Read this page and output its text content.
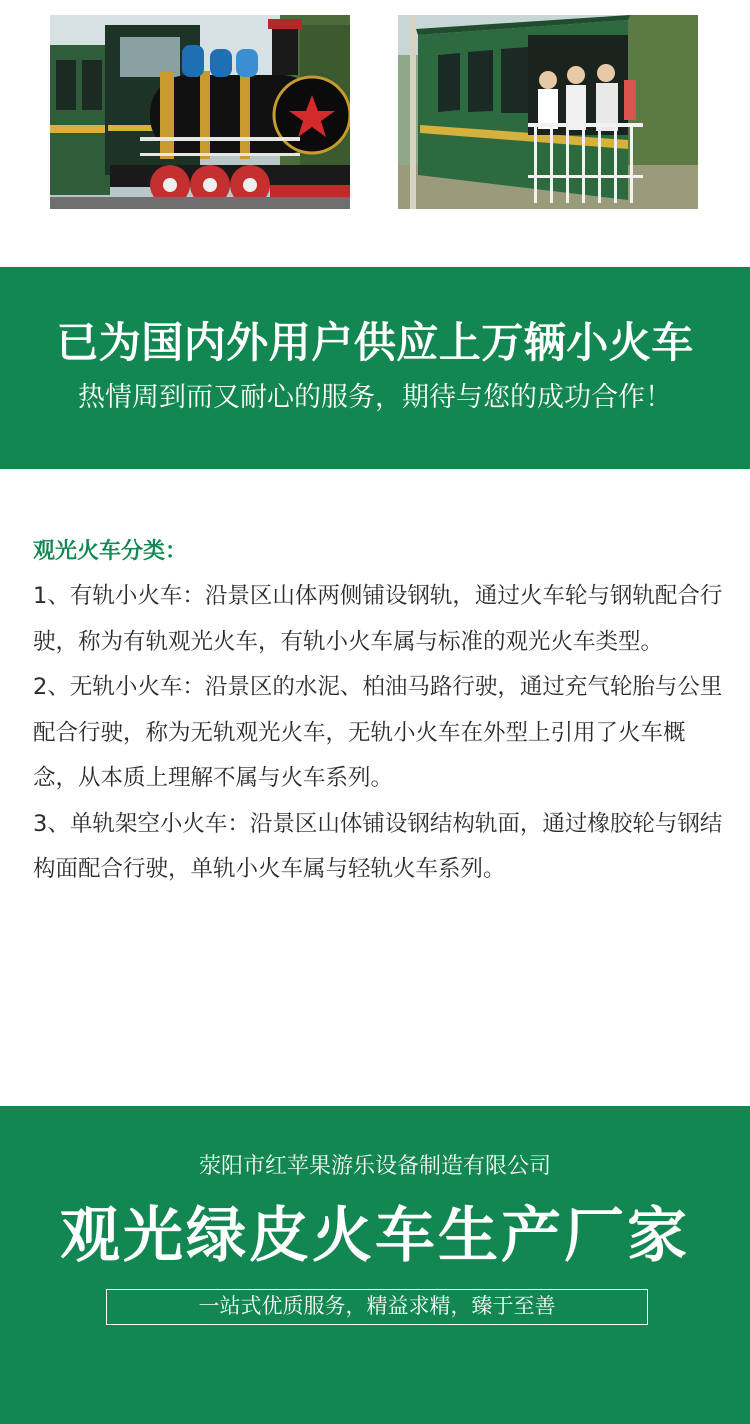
已为国内外用户供应上万辆小火车
热情周到而又耐心的服务，期待与您的成功合作！

观光火车分类：

1、有轨小火车：沿景区山体两侧铺设钢轨，通过火车轮与钢轨配合行驶，称为有轨观光火车，有轨小火车属与标准的观光火车类型。

2、无轨小火车：沿景区的水泥、柏油马路行驶，通过充气轮胎与公里配合行驶，称为无轨观光火车，无轨小火车在外型上引用了火车概念，从本质上理解不属与火车系列。

3、单轨架空小火车：沿景区山体铺设钢结构轨面，通过橡胶轮与钢结构面配合行驶，单轨小火车属与轻轨火车系列。

荥阳市红苹果游乐设备制造有限公司
观光绿皮火车生产厂家
一站式优质服务，精益求精，臻于至善
